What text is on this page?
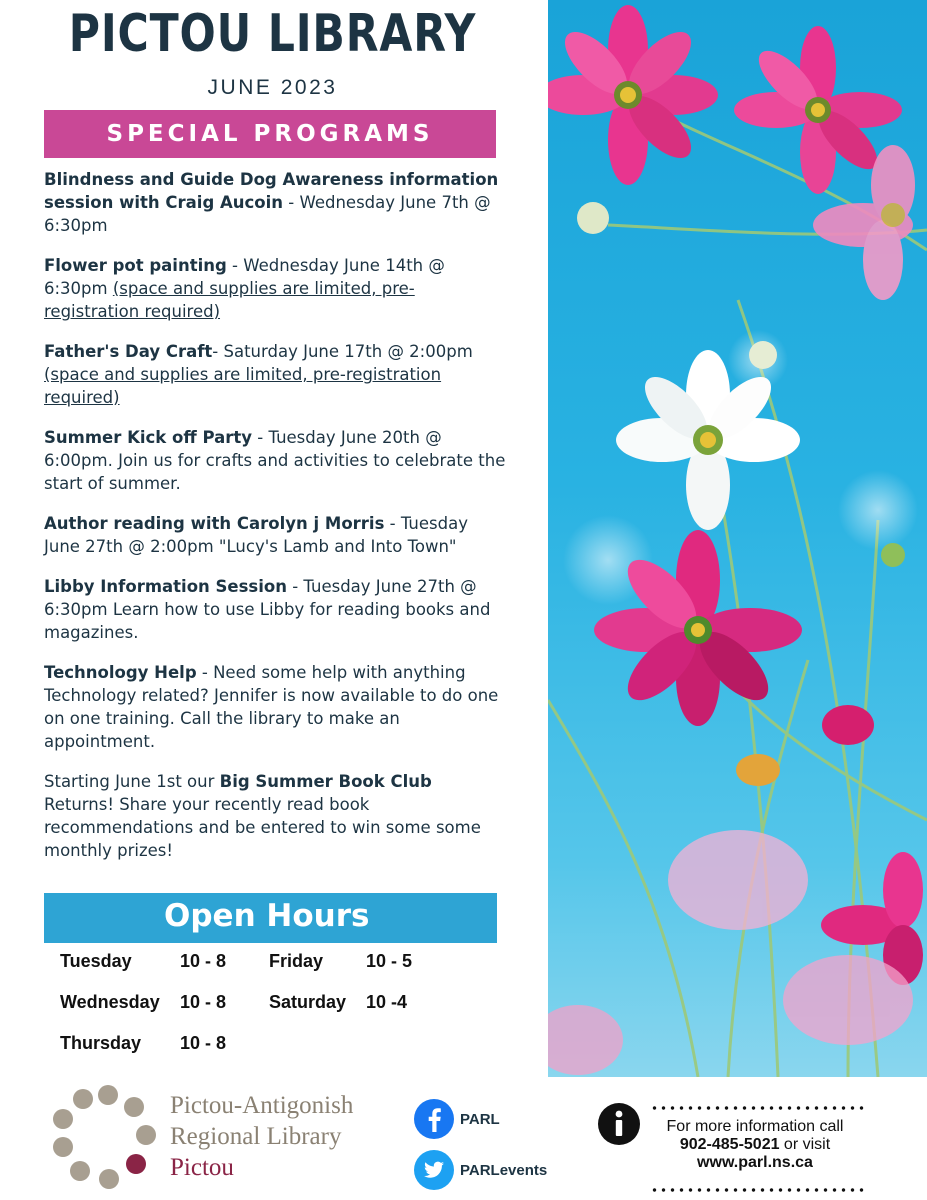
PICTOU LIBRARY
JUNE 2023
SPECIAL PROGRAMS

Blindness and Guide Dog Awareness information session with Craig Aucoin - Wednesday June 7th @ 6:30pm

Flower pot painting - Wednesday June 14th @ 6:30pm (space and supplies are limited, pre-registration required)

Father's Day Craft- Saturday June 17th @ 2:00pm (space and supplies are limited, pre-registration required)

Summer Kick off Party - Tuesday June 20th @ 6:00pm. Join us for crafts and activities to celebrate the start of summer.

Author reading with Carolyn j Morris - Tuesday June 27th @ 2:00pm "Lucy's Lamb and Into Town"

Libby Information Session - Tuesday June 27th @ 6:30pm Learn how to use Libby for reading books and magazines.

Technology Help - Need some help with anything Technology related? Jennifer is now available to do one on one training. Call the library to make an appointment.

Starting June 1st our Big Summer Book Club Returns! Share your recently read book recommendations and be entered to win some some monthly prizes!

Open Hours
Tuesday	10 - 8
Wednesday 10 - 8
Thursday 10 - 8
Friday 10 - 5
Saturday 10 -4
Pictou-Antigonish
Regional Library
Pictou
PARL
PARLevents
For more information call
902-485-5021 or visit
www.parl.ns.ca
